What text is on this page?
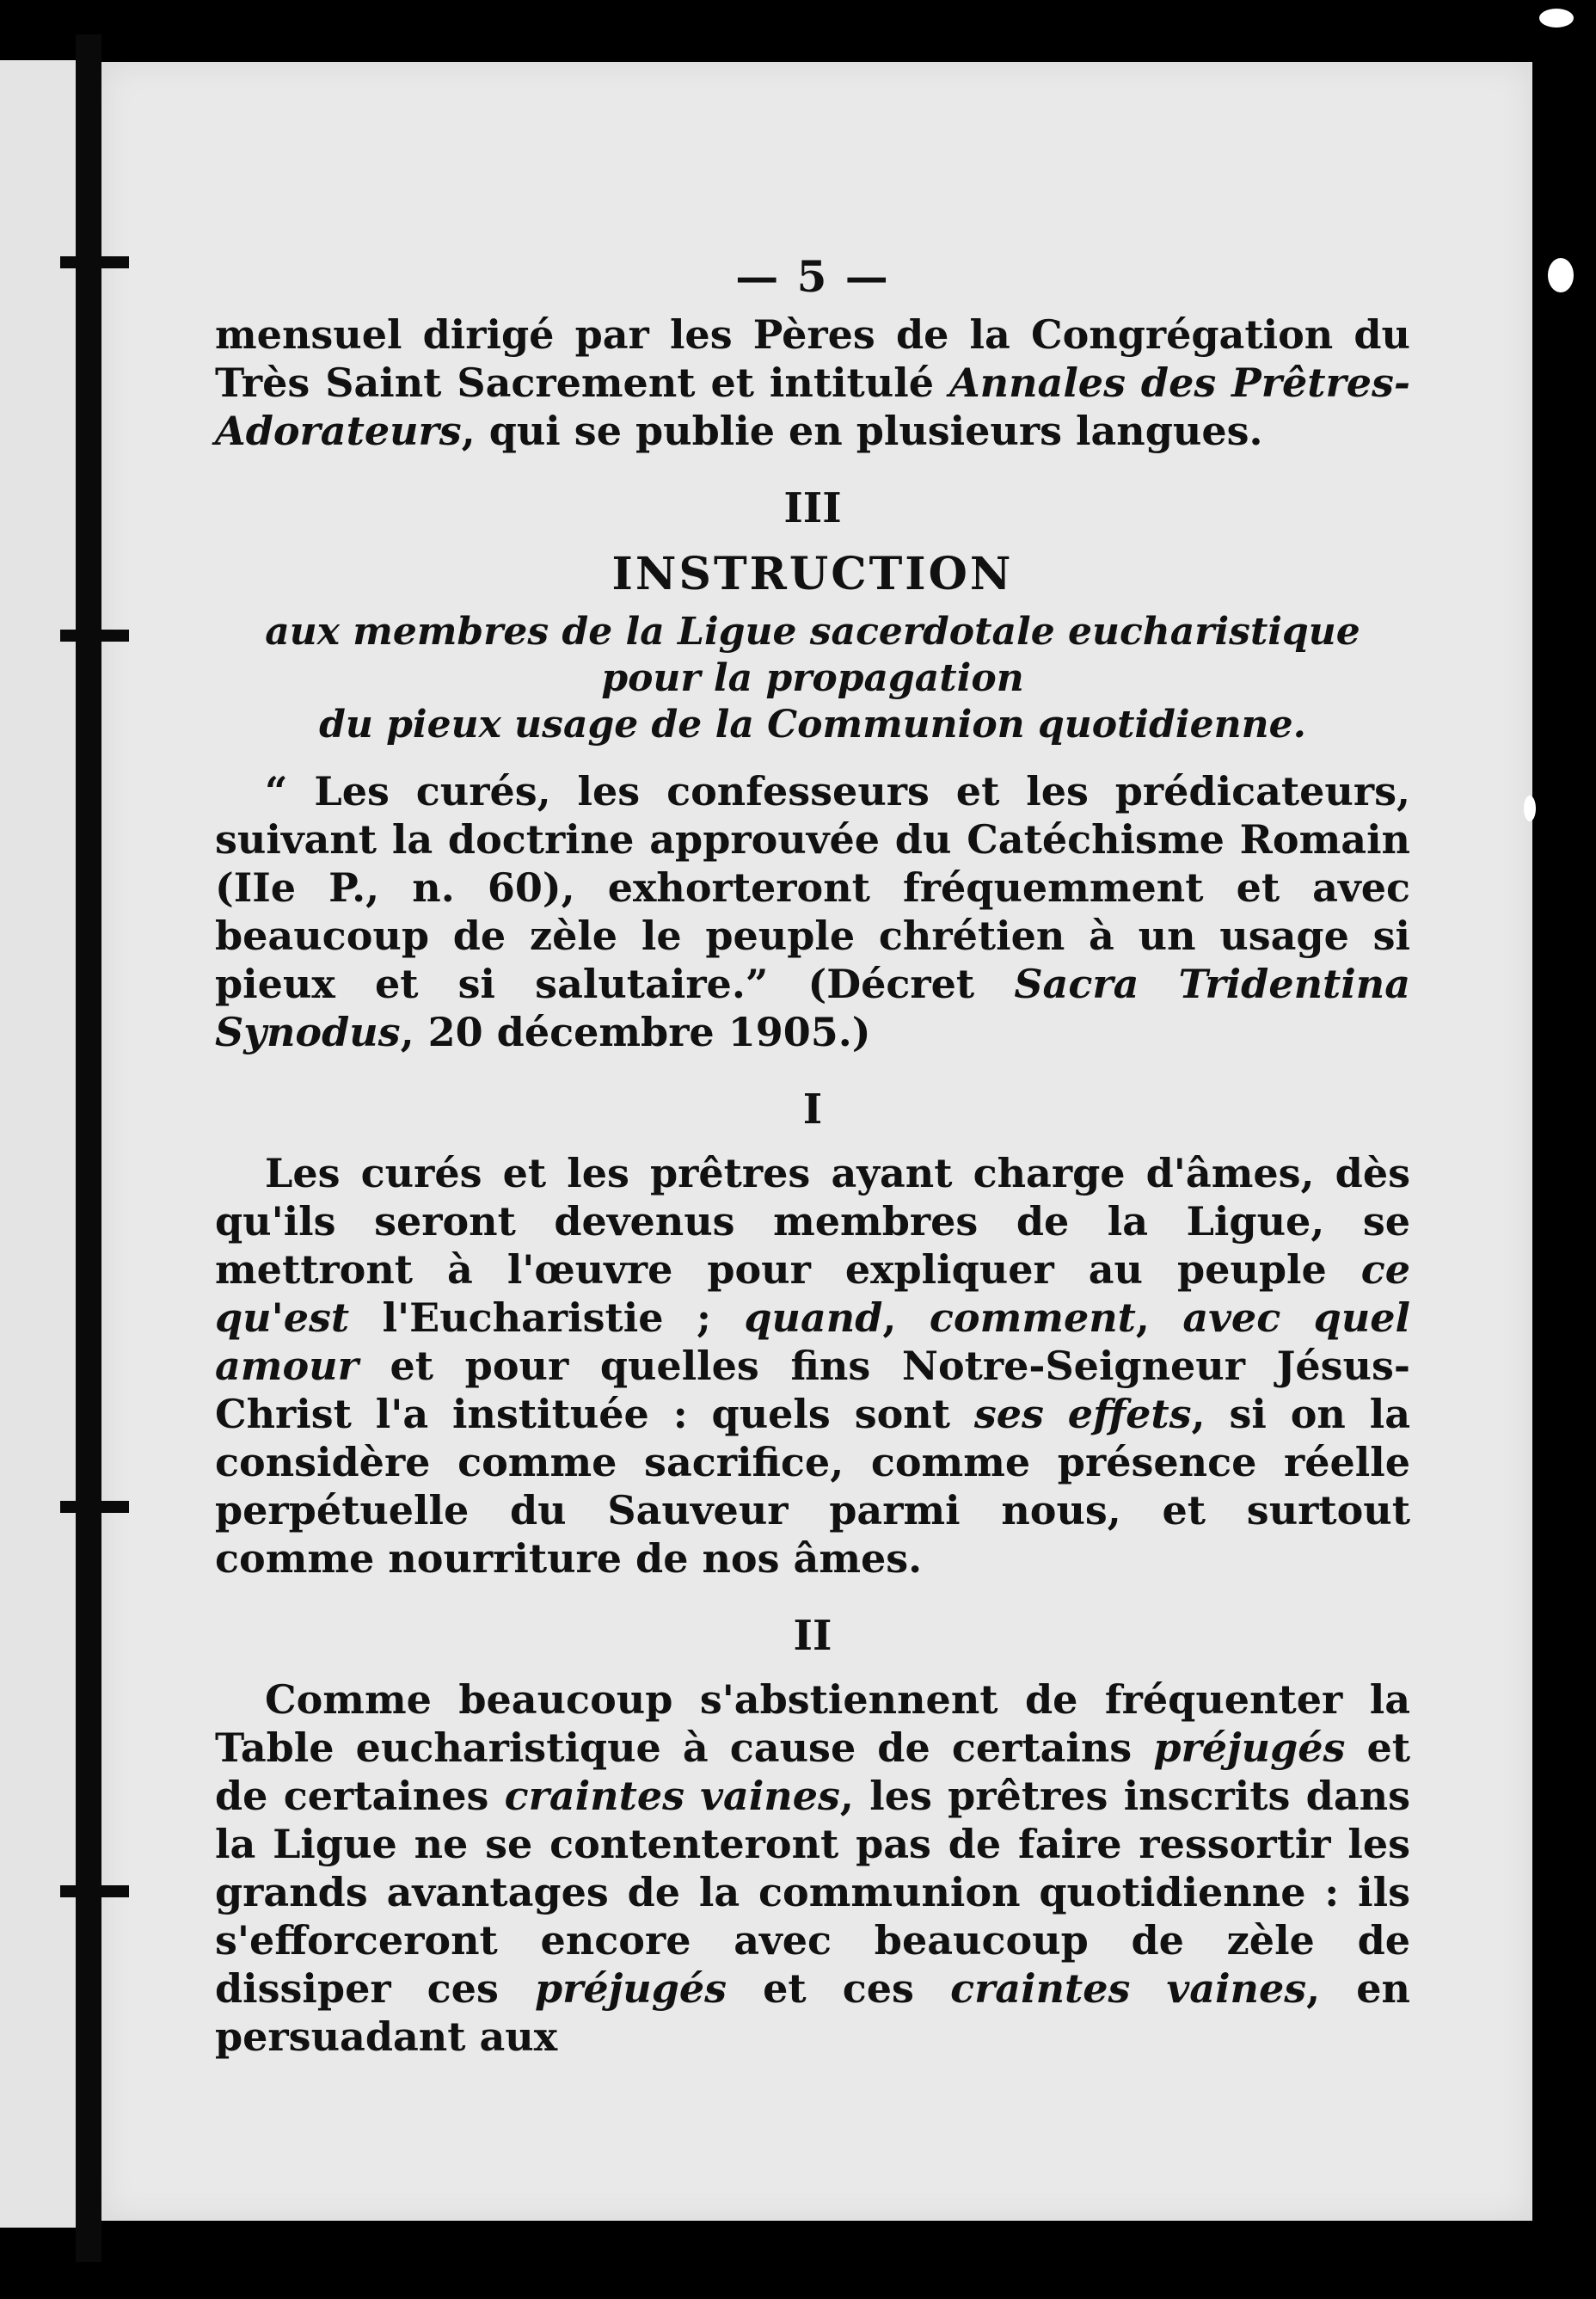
— 5 —

mensuel dirigé par les Pères de la Congrégation du Très Saint Sacrement et intitulé Annales des Prêtres-Adorateurs, qui se publie en plusieurs langues.

III
INSTRUCTION
aux membres de la Ligue sacerdotale eucharistique
pour la propagation
du pieux usage de la Communion quotidienne.

“ Les curés, les confesseurs et les prédicateurs, suivant la doctrine approuvée du Catéchisme Romain (IIe P., n. 60), exhorteront fréquemment et avec beaucoup de zèle le peuple chrétien à un usage si pieux et si salutaire.” (Décret Sacra Tridentina Synodus, 20 décembre 1905.)

I

Les curés et les prêtres ayant charge d'âmes, dès qu'ils seront devenus membres de la Ligue, se mettront à l'œuvre pour expliquer au peuple ce qu'est l'Eucharistie ; quand, comment, avec quel amour et pour quelles fins Notre-Seigneur Jésus-Christ l'a instituée : quels sont ses effets, si on la considère comme sacrifice, comme présence réelle perpétuelle du Sauveur parmi nous, et surtout comme nourriture de nos âmes.

II

Comme beaucoup s'abstiennent de fréquenter la Table eucharistique à cause de certains préjugés et de certaines craintes vaines, les prêtres inscrits dans la Ligue ne se contenteront pas de faire ressortir les grands avantages de la communion quotidienne : ils s'efforceront encore avec beaucoup de zèle de dissiper ces préjugés et ces craintes vaines, en persuadant aux
